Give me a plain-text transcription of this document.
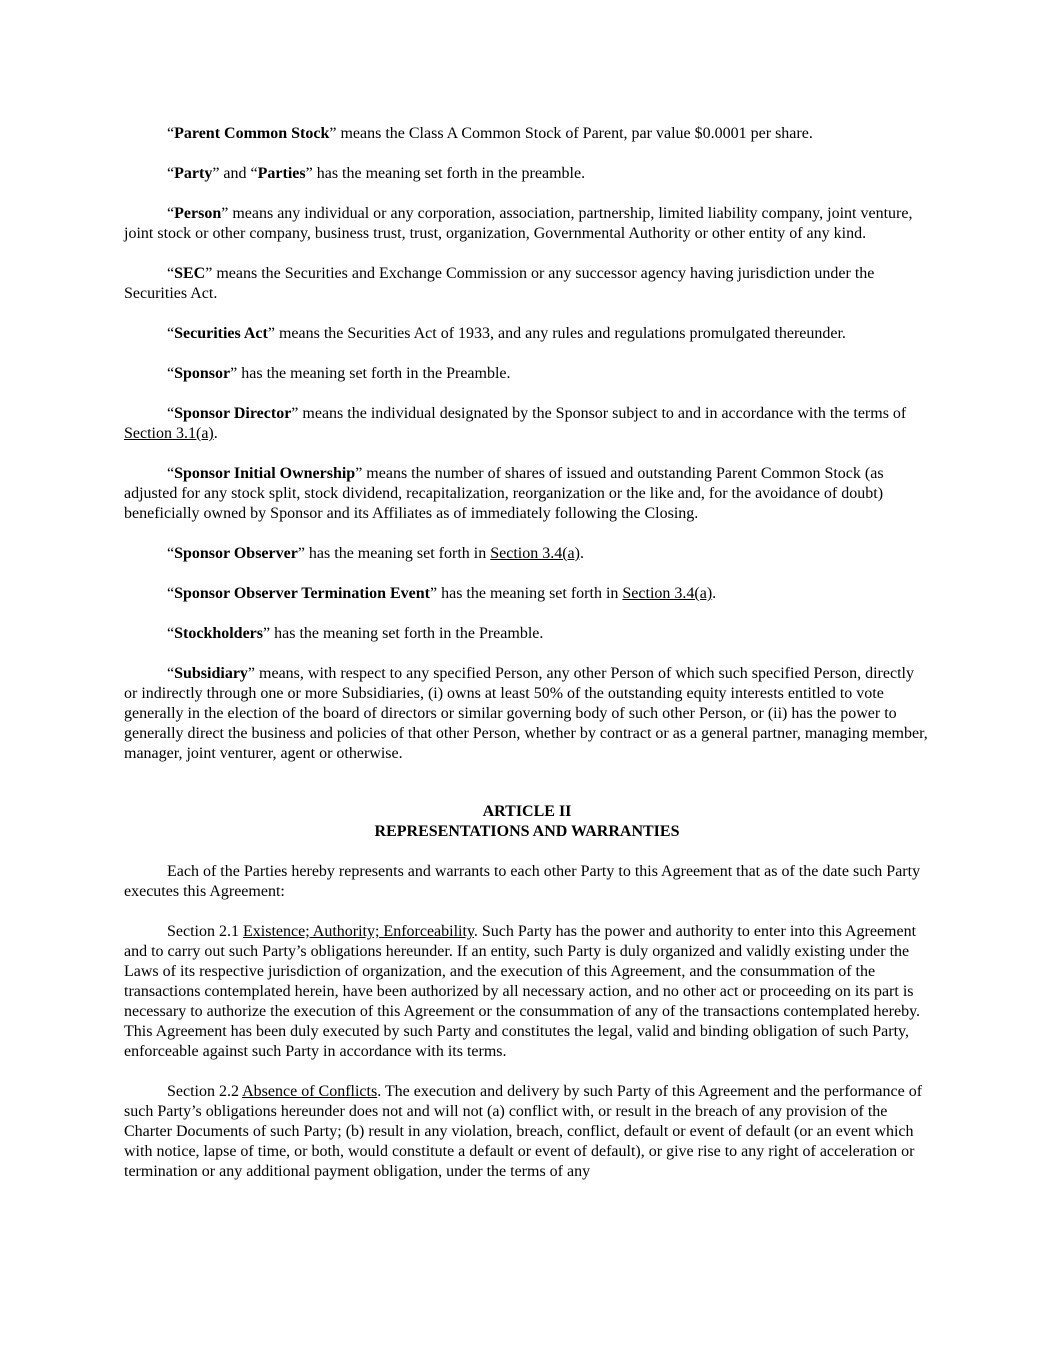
“Parent Common Stock” means the Class A Common Stock of Parent, par value $0.0001 per share.

“Party” and “Parties” has the meaning set forth in the preamble.

“Person” means any individual or any corporation, association, partnership, limited liability company, joint venture, joint stock or other company, business trust, trust, organization, Governmental Authority or other entity of any kind.

“SEC” means the Securities and Exchange Commission or any successor agency having jurisdiction under the Securities Act.

“Securities Act” means the Securities Act of 1933, and any rules and regulations promulgated thereunder.

“Sponsor” has the meaning set forth in the Preamble.

“Sponsor Director” means the individual designated by the Sponsor subject to and in accordance with the terms of Section 3.1(a).

“Sponsor Initial Ownership” means the number of shares of issued and outstanding Parent Common Stock (as adjusted for any stock split, stock dividend, recapitalization, reorganization or the like and, for the avoidance of doubt) beneficially owned by Sponsor and its Affiliates as of immediately following the Closing.

“Sponsor Observer” has the meaning set forth in Section 3.4(a).

“Sponsor Observer Termination Event” has the meaning set forth in Section 3.4(a).

“Stockholders” has the meaning set forth in the Preamble.

“Subsidiary” means, with respect to any specified Person, any other Person of which such specified Person, directly or indirectly through one or more Subsidiaries, (i) owns at least 50% of the outstanding equity interests entitled to vote generally in the election of the board of directors or similar governing body of such other Person, or (ii) has the power to generally direct the business and policies of that other Person, whether by contract or as a general partner, managing member, manager, joint venturer, agent or otherwise.

ARTICLE II
REPRESENTATIONS AND WARRANTIES

Each of the Parties hereby represents and warrants to each other Party to this Agreement that as of the date such Party executes this Agreement:

Section 2.1 Existence; Authority; Enforceability. Such Party has the power and authority to enter into this Agreement and to carry out such Party’s obligations hereunder. If an entity, such Party is duly organized and validly existing under the Laws of its respective jurisdiction of organization, and the execution of this Agreement, and the consummation of the transactions contemplated herein, have been authorized by all necessary action, and no other act or proceeding on its part is necessary to authorize the execution of this Agreement or the consummation of any of the transactions contemplated hereby. This Agreement has been duly executed by such Party and constitutes the legal, valid and binding obligation of such Party, enforceable against such Party in accordance with its terms.

Section 2.2 Absence of Conflicts. The execution and delivery by such Party of this Agreement and the performance of such Party’s obligations hereunder does not and will not (a) conflict with, or result in the breach of any provision of the Charter Documents of such Party; (b) result in any violation, breach, conflict, default or event of default (or an event which with notice, lapse of time, or both, would constitute a default or event of default), or give rise to any right of acceleration or termination or any additional payment obligation, under the terms of any
